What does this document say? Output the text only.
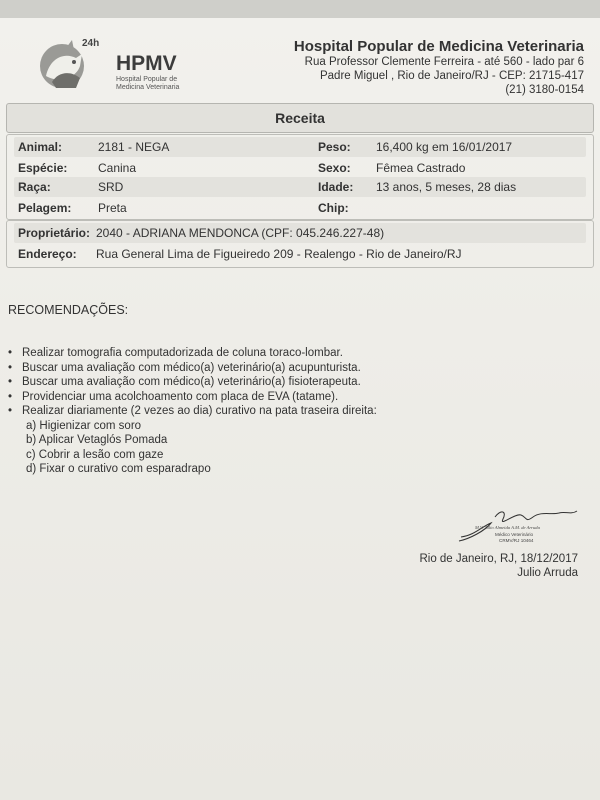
24h
HPMV
Hospital Popular de
Medicina Veterinaria
Hospital Popular de Medicina Veterinaria
Rua Professor Clemente Ferreira - até 560 - lado par 6
Padre Miguel , Rio de Janeiro/RJ - CEP: 21715-417
(21) 3180-0154
Receita
Animal:	2181 - NEGA	Peso: 16,400 kg em 16/01/2017
Espécie:	Canina	Sexo: Fêmea Castrado
Raça:	SRD	Idade: 13 anos, 5 meses, 28 dias
Pelagem: Preta	Chip:
Proprietário: 2040 - ADRIANA MENDONCA (CPF: 045.246.227-48)
Endereço: Rua General Lima de Figueiredo 209 - Realengo - Rio de Janeiro/RJ
RECOMENDAÇÕES:
• Realizar tomografia computadorizada de coluna toraco-lombar.
• Buscar uma avaliação com médico(a) veterinário(a) acupunturista.
• Buscar uma avaliação com médico(a) veterinário(a) fisioterapeuta.
• Providenciar uma acolchoamento com placa de EVA (tatame).
• Realizar diariamente (2 vezes ao dia) curativo na pata traseira direita:
a) Higienizar com soro
b) Aplicar Vetaglós Pomada
c) Cobrir a lesão com gaze
d) Fixar o curativo com esparadrapo
M.V. Julio Almeida A.M. de Arruda
Médico Veterinário
CRMV/RJ 10464
Rio de Janeiro, RJ, 18/12/2017
Julio Arruda
